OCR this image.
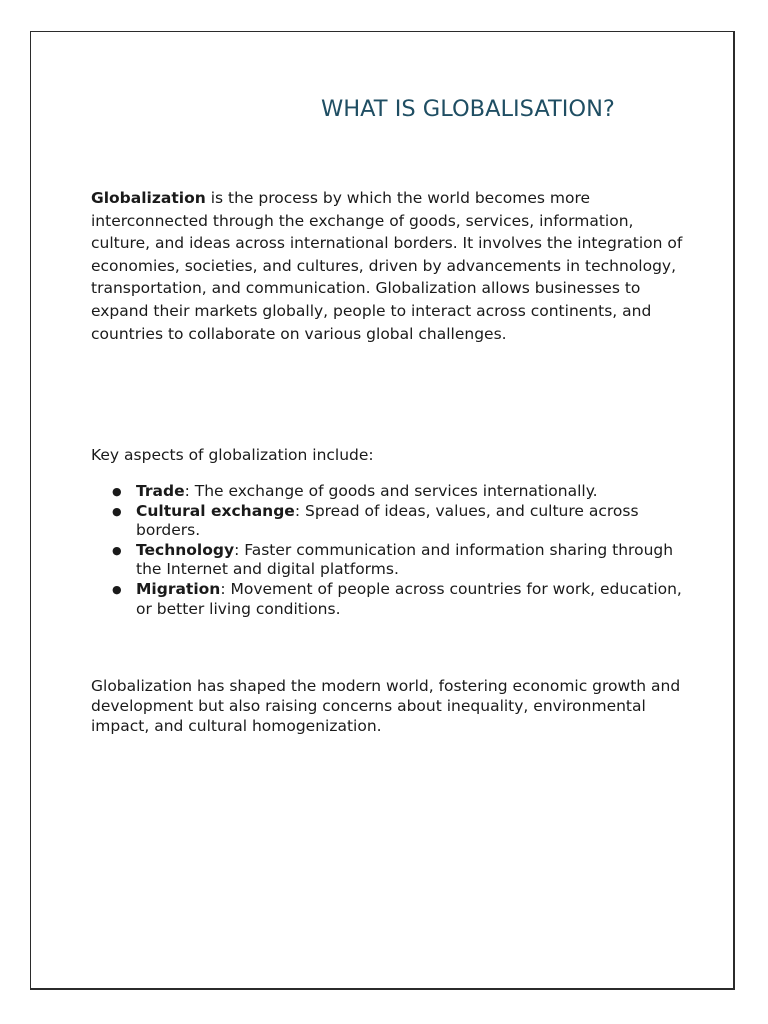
WHAT IS GLOBALISATION?

Globalization is the process by which the world becomes more interconnected through the exchange of goods, services, information, culture, and ideas across international borders. It involves the integration of economies, societies, and cultures, driven by advancements in technology, transportation, and communication. Globalization allows businesses to expand their markets globally, people to interact across continents, and countries to collaborate on various global challenges.

Key aspects of globalization include:

● Trade: The exchange of goods and services internationally.
● Cultural exchange: Spread of ideas, values, and culture across borders.
● Technology: Faster communication and information sharing through the Internet and digital platforms.
● Migration: Movement of people across countries for work, education, or better living conditions.

Globalization has shaped the modern world, fostering economic growth and development but also raising concerns about inequality, environmental impact, and cultural homogenization.
